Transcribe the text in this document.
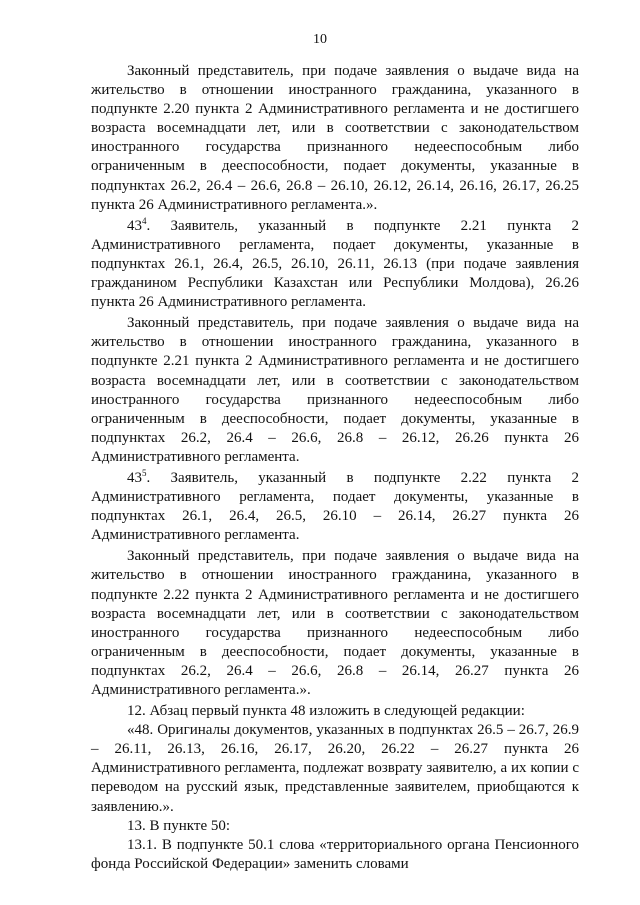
10

Законный представитель, при подаче заявления о выдаче вида на жительство в отношении иностранного гражданина, указанного в подпункте 2.20 пункта 2 Административного регламента и не достигшего возраста восемнадцати лет, или в соответствии с законодательством иностранного государства признанного недееспособным либо ограниченным в дееспособности, подает документы, указанные в подпунктах 26.2, 26.4 – 26.6, 26.8 – 26.10, 26.12, 26.14, 26.16, 26.17, 26.25 пункта 26 Административного регламента.».

$43^4$. Заявитель, указанный в подпункте 2.21 пункта 2 Административного регламента, подает документы, указанные в подпунктах 26.1, 26.4, 26.5, 26.10, 26.11, 26.13 (при подаче заявления гражданином Республики Казахстан или Республики Молдова), 26.26 пункта 26 Административного регламента.

Законный представитель, при подаче заявления о выдаче вида на жительство в отношении иностранного гражданина, указанного в подпункте 2.21 пункта 2 Административного регламента и не достигшего возраста восемнадцати лет, или в соответствии с законодательством иностранного государства признанного недееспособным либо ограниченным в дееспособности, подает документы, указанные в подпунктах 26.2, 26.4 – 26.6, 26.8 – 26.12, 26.26 пункта 26 Административного регламента.

$43^5$. Заявитель, указанный в подпункте 2.22 пункта 2 Административного регламента, подает документы, указанные в подпунктах 26.1, 26.4, 26.5, 26.10 – 26.14, 26.27 пункта 26 Административного регламента.

Законный представитель, при подаче заявления о выдаче вида на жительство в отношении иностранного гражданина, указанного в подпункте 2.22 пункта 2 Административного регламента и не достигшего возраста восемнадцати лет, или в соответствии с законодательством иностранного государства признанного недееспособным либо ограниченным в дееспособности, подает документы, указанные в подпунктах 26.2, 26.4 – 26.6, 26.8 – 26.14, 26.27 пункта 26 Административного регламента.».

12. Абзац первый пункта 48 изложить в следующей редакции:

«48. Оригиналы документов, указанных в подпунктах 26.5 – 26.7, 26.9 – 26.11, 26.13, 26.16, 26.17, 26.20, 26.22 – 26.27 пункта 26 Административного регламента, подлежат возврату заявителю, а их копии с переводом на русский язык, представленные заявителем, приобщаются к заявлению.».

13. В пункте 50:

13.1. В подпункте 50.1 слова «территориального органа Пенсионного фонда Российской Федерации» заменить словами
